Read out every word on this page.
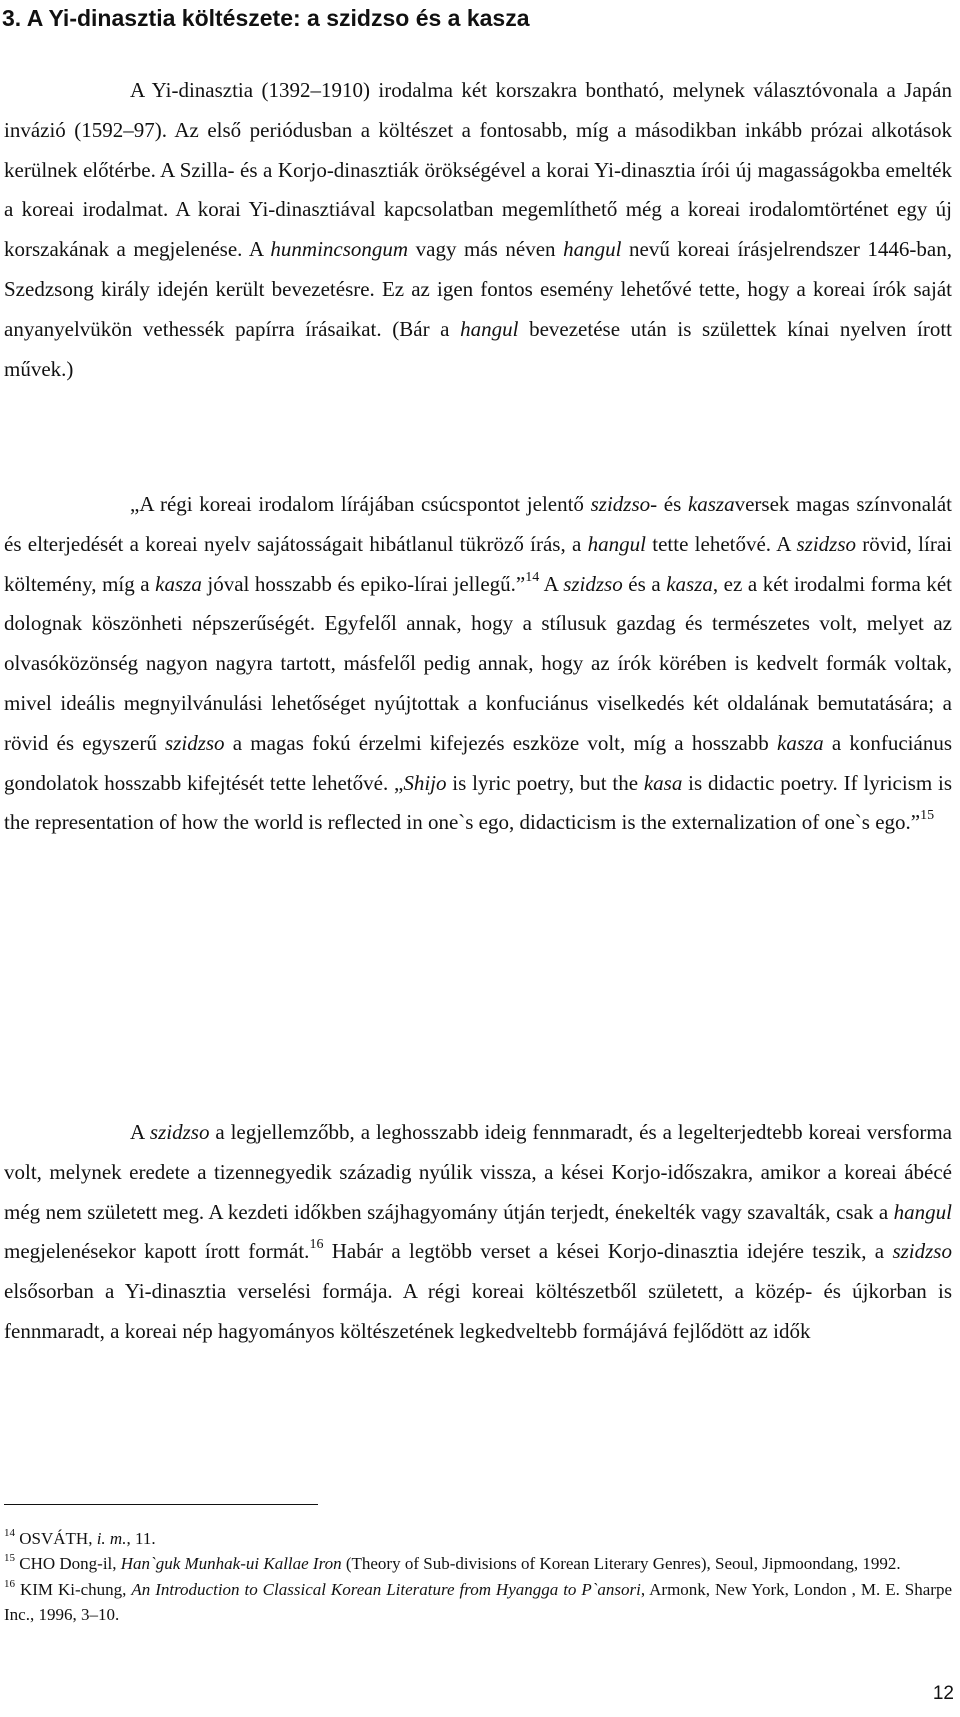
3. A Yi-dinasztia költészete: a szidzso és a kasza

A Yi-dinasztia (1392–1910) irodalma két korszakra bontható, melynek választóvonala a Japán invázió (1592–97). Az első periódusban a költészet a fontosabb, míg a másodikban inkább prózai alkotások kerülnek előtérbe. A Szilla- és a Korjo-dinasztiák örökségével a korai Yi-dinasztia írói új magasságokba emelték a koreai irodalmat. A korai Yi-dinasztiával kapcsolatban megemlíthető még a koreai irodalomtörténet egy új korszakának a megjelenése. A hunmincsongum vagy más néven hangul nevű koreai írásjelrendszer 1446-ban, Szedzsong király idején került bevezetésre. Ez az igen fontos esemény lehetővé tette, hogy a koreai írók saját anyanyelvükön vethessék papírra írásaikat. (Bár a hangul bevezetése után is születtek kínai nyelven írott művek.)

„A régi koreai irodalom lírájában csúcspontot jelentő szidzso- és kaszaversek magas színvonalát és elterjedését a koreai nyelv sajátosságait hibátlanul tükröző írás, a hangul tette lehetővé. A szidzso rövid, lírai költemény, míg a kasza jóval hosszabb és epiko-lírai jellegű.”$^{14}$ A szidzso és a kasza, ez a két irodalmi forma két dolognak köszönheti népszerűségét. Egyfelől annak, hogy a stílusuk gazdag és természetes volt, melyet az olvasóközönség nagyon nagyra tartott, másfelől pedig annak, hogy az írók körében is kedvelt formák voltak, mivel ideális megnyilvánulási lehetőséget nyújtottak a konfuciánus viselkedés két oldalának bemutatására; a rövid és egyszerű szidzso a magas fokú érzelmi kifejezés eszköze volt, míg a hosszabb kasza a konfuciánus gondolatok hosszabb kifejtését tette lehetővé. „Shijo is lyric poetry, but the kasa is didactic poetry. If lyricism is the representation of how the world is reflected in one`s ego, didacticism is the externalization of one`s ego.”$^{15}$

A szidzso a legjellemzőbb, a leghosszabb ideig fennmaradt, és a legelterjedtebb koreai versforma volt, melynek eredete a tizennegyedik századig nyúlik vissza, a kései Korjo-időszakra, amikor a koreai ábécé még nem született meg. A kezdeti időkben szájhagyomány útján terjedt, énekelték vagy szavalták, csak a hangul megjelenésekor kapott írott formát.$^{16}$ Habár a legtöbb verset a kései Korjo-dinasztia idejére teszik, a szidzso elsősorban a Yi-dinasztia verselési formája. A régi koreai költészetből született, a közép- és újkorban is fennmaradt, a koreai nép hagyományos költészetének legkedveltebb formájává fejlődött az idők

$^{14}$ OSVÁTH, i. m., 11.

$^{15}$ CHO Dong-il, Han`guk Munhak-ui Kallae Iron (Theory of Sub-divisions of Korean Literary Genres), Seoul, Jipmoondang, 1992.

$^{16}$ KIM Ki-chung, An Introduction to Classical Korean Literature from Hyangga to P`ansori, Armonk, New York, London , M. E. Sharpe Inc., 1996, 3–10.

12
